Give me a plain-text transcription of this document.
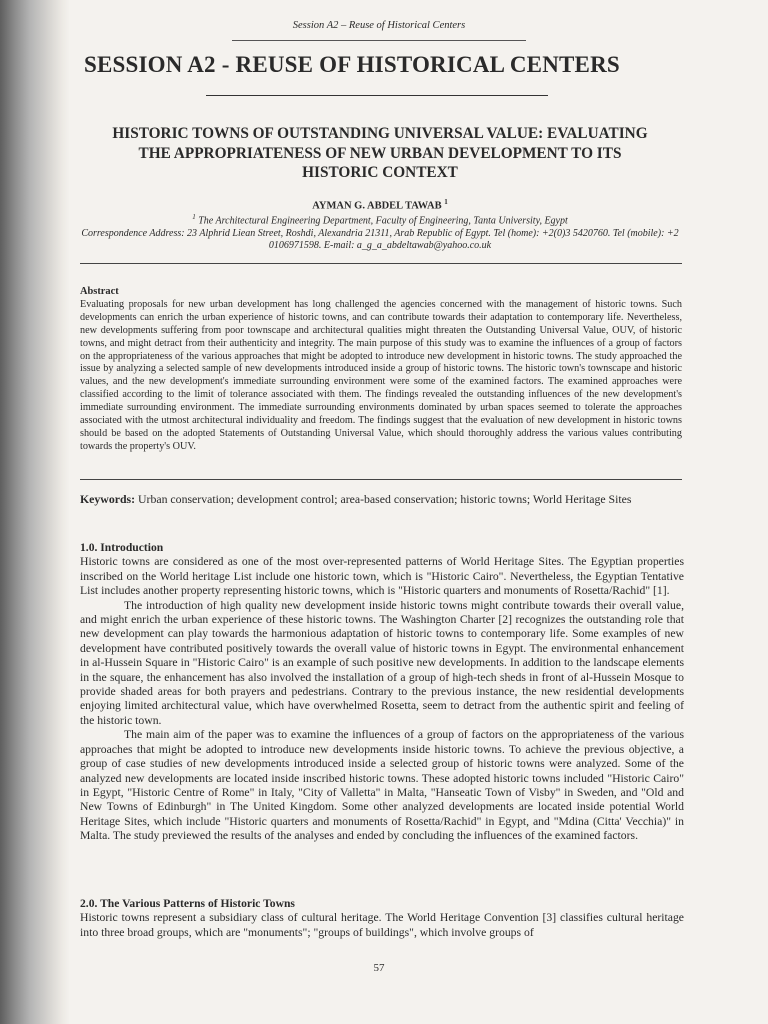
Session A2 – Reuse of Historical Centers
SESSION A2 - REUSE OF HISTORICAL CENTERS
HISTORIC TOWNS OF OUTSTANDING UNIVERSAL VALUE: EVALUATING THE APPROPRIATENESS OF NEW URBAN DEVELOPMENT TO ITS HISTORIC CONTEXT
AYMAN G. ABDEL TAWAB $^1$
$^1$ The Architectural Engineering Department, Faculty of Engineering, Tanta University, Egypt
Correspondence Address: 23 Alphrid Liean Street, Roshdi, Alexandria 21311, Arab Republic of Egypt. Tel (home): +2(0)3 5420760. Tel (mobile): +2 0106971598. E-mail: a_g_a_abdeltawab@yahoo.co.uk
Abstract
Evaluating proposals for new urban development has long challenged the agencies concerned with the management of historic towns. Such developments can enrich the urban experience of historic towns, and can contribute towards their adaptation to contemporary life. Nevertheless, new developments suffering from poor townscape and architectural qualities might threaten the Outstanding Universal Value, OUV, of historic towns, and might detract from their authenticity and integrity. The main purpose of this study was to examine the influences of a group of factors on the appropriateness of the various approaches that might be adopted to introduce new development in historic towns. The study approached the issue by analyzing a selected sample of new developments introduced inside a group of historic towns. The historic town's townscape and historic values, and the new development's immediate surrounding environment were some of the examined factors. The examined approaches were classified according to the limit of tolerance associated with them. The findings revealed the outstanding influences of the new development's immediate surrounding environment. The immediate surrounding environments dominated by urban spaces seemed to tolerate the approaches associated with the utmost architectural individuality and freedom. The findings suggest that the evaluation of new development in historic towns should be based on the adopted Statements of Outstanding Universal Value, which should thoroughly address the various values contributing towards the property's OUV.
Keywords: Urban conservation; development control; area-based conservation; historic towns; World Heritage Sites
1.0. Introduction

Historic towns are considered as one of the most over-represented patterns of World Heritage Sites. The Egyptian properties inscribed on the World heritage List include one historic town, which is "Historic Cairo". Nevertheless, the Egyptian Tentative List includes another property representing historic towns, which is "Historic quarters and monuments of Rosetta/Rachid" [1].

The introduction of high quality new development inside historic towns might contribute towards their overall value, and might enrich the urban experience of these historic towns. The Washington Charter [2] recognizes the outstanding role that new development can play towards the harmonious adaptation of historic towns to contemporary life. Some examples of new development have contributed positively towards the overall value of historic towns in Egypt. The environmental enhancement in al-Hussein Square in "Historic Cairo" is an example of such positive new developments. In addition to the landscape elements in the square, the enhancement has also involved the installation of a group of high-tech sheds in front of al-Hussein Mosque to provide shaded areas for both prayers and pedestrians. Contrary to the previous instance, the new residential developments enjoying limited architectural value, which have overwhelmed Rosetta, seem to detract from the authentic spirit and feeling of the historic town.

The main aim of the paper was to examine the influences of a group of factors on the appropriateness of the various approaches that might be adopted to introduce new developments inside historic towns. To achieve the previous objective, a group of case studies of new developments introduced inside a selected group of historic towns were analyzed. Some of the analyzed new developments are located inside inscribed historic towns. These adopted historic towns included "Historic Cairo" in Egypt, "Historic Centre of Rome" in Italy, "City of Valletta" in Malta, "Hanseatic Town of Visby" in Sweden, and "Old and New Towns of Edinburgh" in The United Kingdom. Some other analyzed developments are located inside potential World Heritage Sites, which include "Historic quarters and monuments of Rosetta/Rachid" in Egypt, and "Mdina (Citta' Vecchia)" in Malta. The study previewed the results of the analyses and ended by concluding the influences of the examined factors.

2.0. The Various Patterns of Historic Towns

Historic towns represent a subsidiary class of cultural heritage. The World Heritage Convention [3] classifies cultural heritage into three broad groups, which are "monuments"; "groups of buildings", which involve groups of

57
